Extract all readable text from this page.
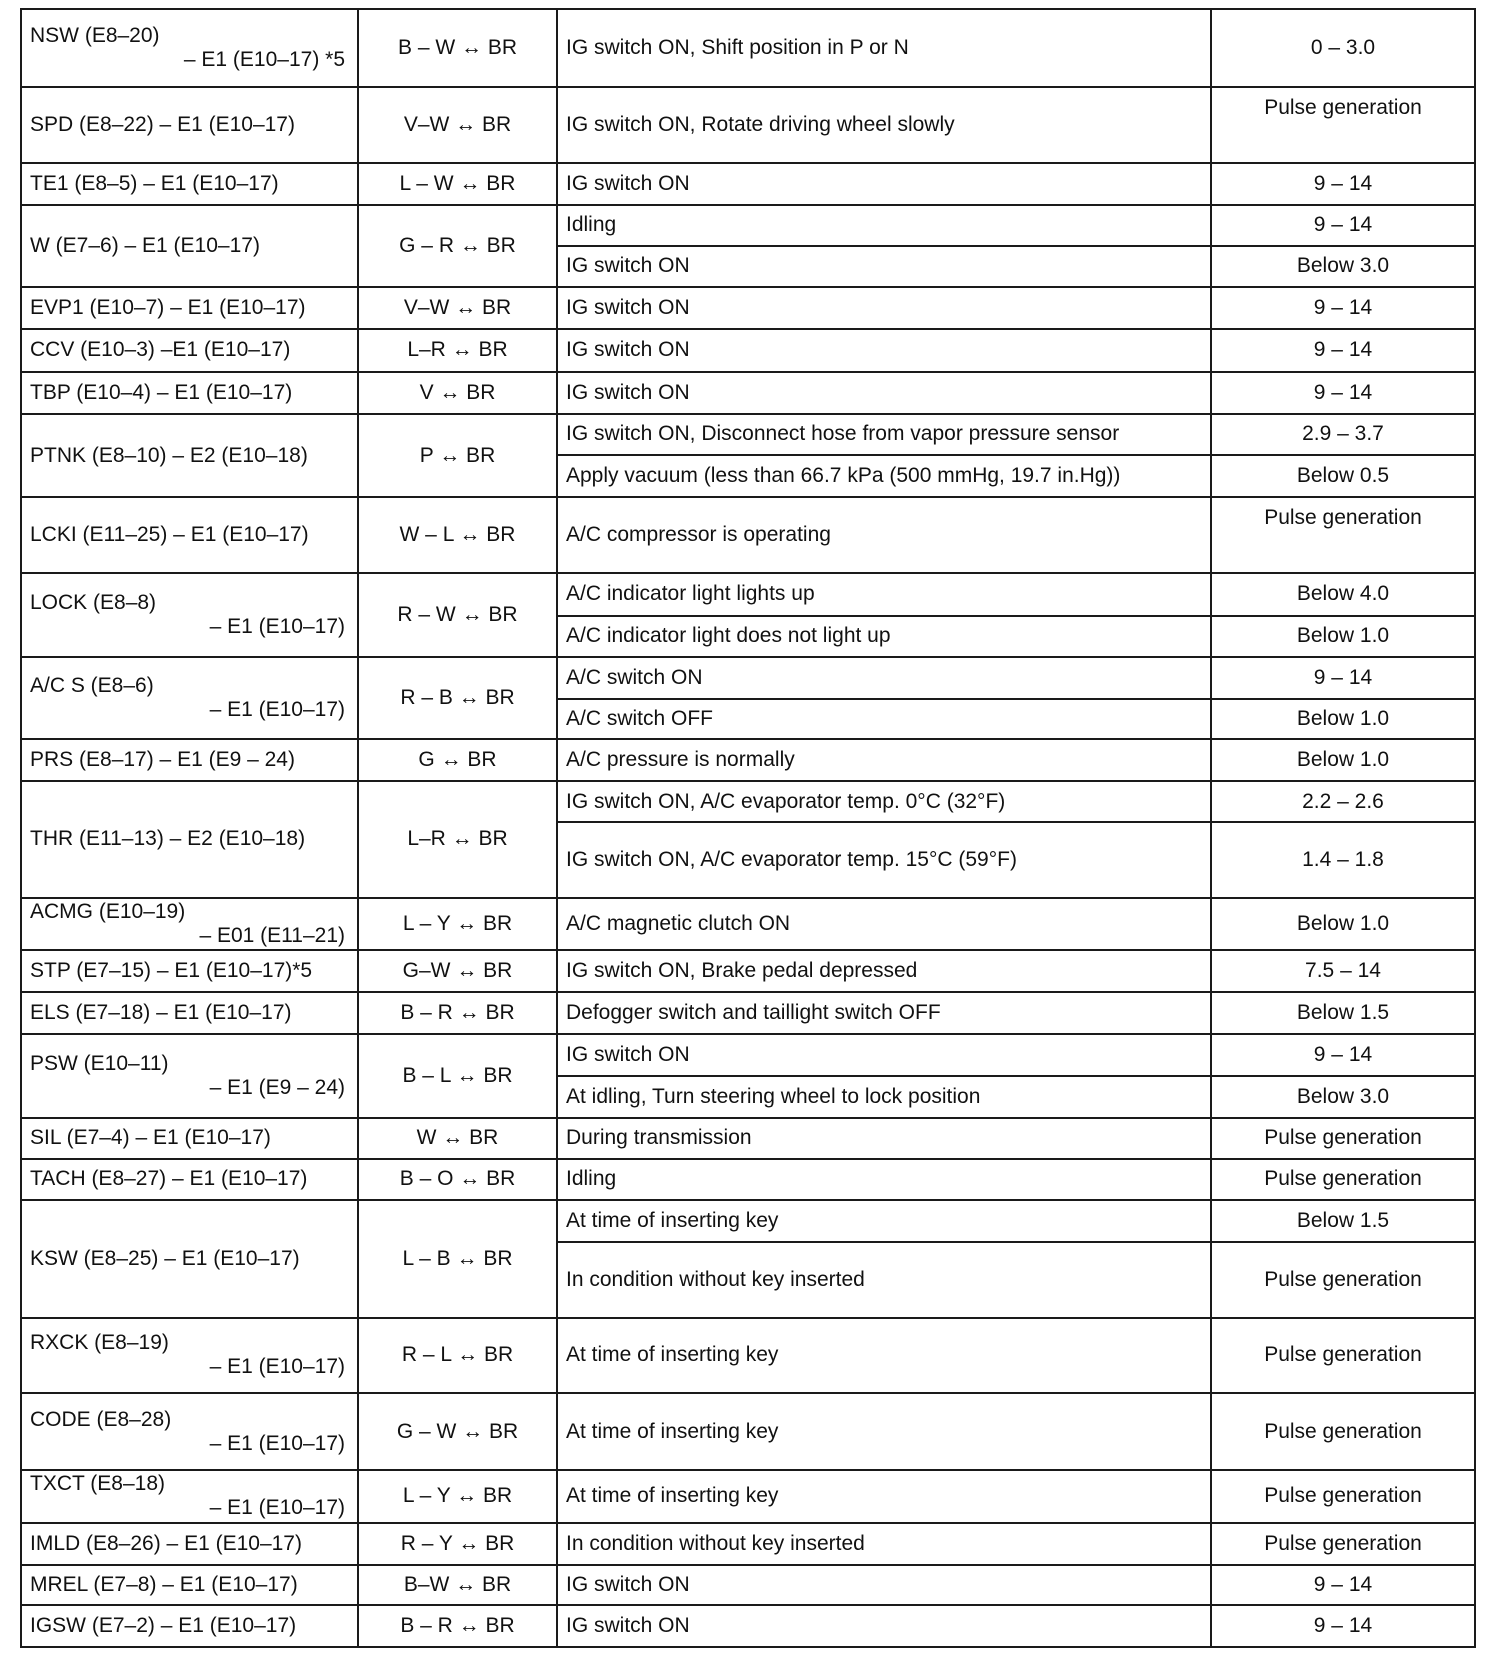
NSW (E8–20)
– E1 (E10–17) *5	B – W ↔ BR	IG switch ON, Shift position in P or N	0 – 3.0

SPD (E8–22) – E1 (E10–17)	V–W ↔ BR	IG switch ON, Rotate driving wheel slowly	Pulse generation

TE1 (E8–5) – E1 (E10–17)	L – W ↔ BR	IG switch ON	9 – 14

W (E7–6) – E1 (E10–17)	G – R ↔ BR	Idling	9 – 14
		IG switch ON	Below 3.0

EVP1 (E10–7) – E1 (E10–17)	V–W ↔ BR	IG switch ON	9 – 14

CCV (E10–3) –E1 (E10–17)	L–R ↔ BR	IG switch ON	9 – 14

TBP (E10–4) – E1 (E10–17)	V ↔ BR	IG switch ON	9 – 14

PTNK (E8–10) – E2 (E10–18)	P ↔ BR	IG switch ON, Disconnect hose from vapor pressure sensor	2.9 – 3.7
		Apply vacuum (less than 66.7 kPa (500 mmHg, 19.7 in.Hg))	Below 0.5

LCKI (E11–25) – E1 (E10–17)	W – L ↔ BR	A/C compressor is operating	Pulse generation

LOCK (E8–8)
– E1 (E10–17)	R – W ↔ BR	A/C indicator light lights up	Below 4.0
		A/C indicator light does not light up	Below 1.0

A/C S (E8–6)
– E1 (E10–17)	R – B ↔ BR	A/C switch ON	9 – 14
		A/C switch OFF	Below 1.0

PRS (E8–17) – E1 (E9 – 24)	G ↔ BR	A/C pressure is normally	Below 1.0

THR (E11–13) – E2 (E10–18)	L–R ↔ BR	IG switch ON, A/C evaporator temp. 0°C (32°F)	2.2 – 2.6
		IG switch ON, A/C evaporator temp. 15°C (59°F)	1.4 – 1.8

ACMG (E10–19)
– E01 (E11–21)	L – Y ↔ BR	A/C magnetic clutch ON	Below 1.0

STP (E7–15) – E1 (E10–17)*5	G–W ↔ BR	IG switch ON, Brake pedal depressed	7.5 – 14

ELS (E7–18) – E1 (E10–17)	B – R ↔ BR	Defogger switch and taillight switch OFF	Below 1.5

PSW (E10–11)
– E1 (E9 – 24)	B – L ↔ BR	IG switch ON	9 – 14
		At idling, Turn steering wheel to lock position	Below 3.0

SIL (E7–4) – E1 (E10–17)	W ↔ BR	During transmission	Pulse generation

TACH (E8–27) – E1 (E10–17)	B – O ↔ BR	Idling	Pulse generation

KSW (E8–25) – E1 (E10–17)	L – B ↔ BR	At time of inserting key	Below 1.5
		In condition without key inserted	Pulse generation

RXCK (E8–19)
– E1 (E10–17)	R – L ↔ BR	At time of inserting key	Pulse generation

CODE (E8–28)
– E1 (E10–17)	G – W ↔ BR	At time of inserting key	Pulse generation

TXCT (E8–18)
– E1 (E10–17)	L – Y ↔ BR	At time of inserting key	Pulse generation

IMLD (E8–26) – E1 (E10–17)	R – Y ↔ BR	In condition without key inserted	Pulse generation

MREL (E7–8) – E1 (E10–17)	B–W ↔ BR	IG switch ON	9 – 14

IGSW (E7–2) – E1 (E10–17)	B – R ↔ BR	IG switch ON	9 – 14
